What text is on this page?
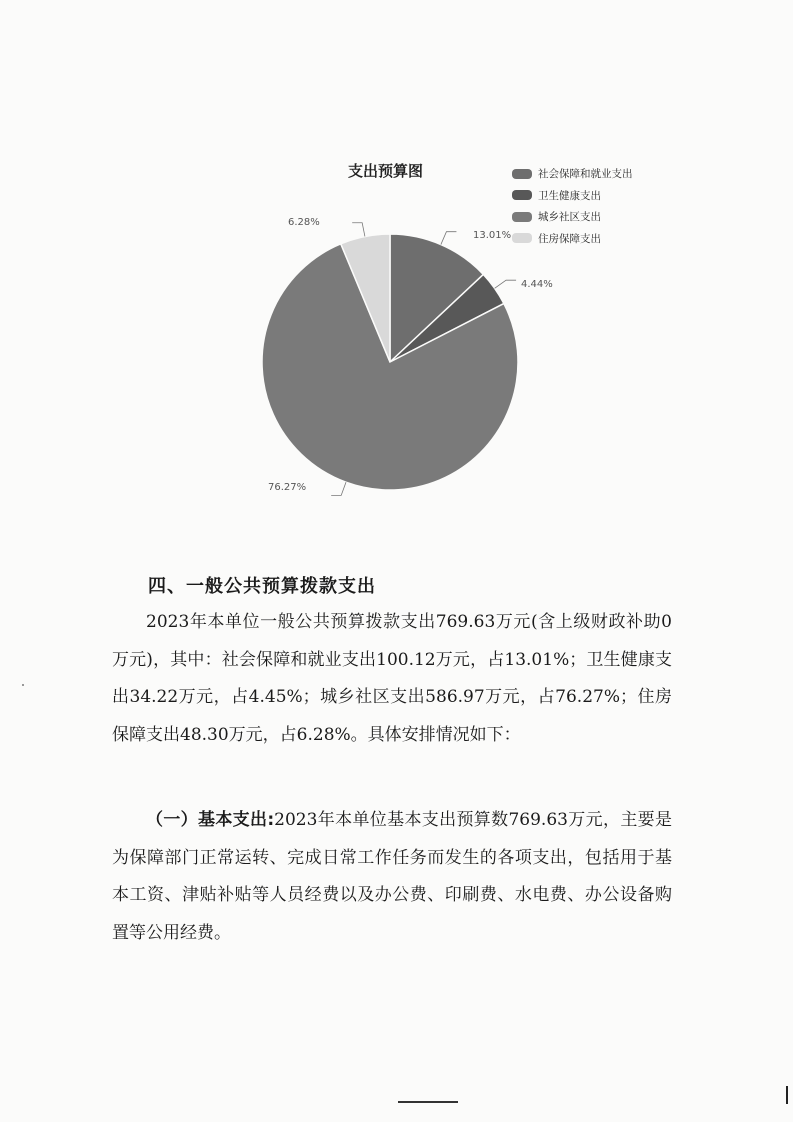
支出预算图	社会保障和就业支出
卫生健康支出
城乡社区支出
住房保障支出
13.01%
4.44%
76.27%
6.28%
四、一般公共预算拨款支出

2023年本单位一般公共预算拨款支出769.63万元(含上级财政补助0万元)，其中：社会保障和就业支出100.12万元，占13.01%；卫生健康支出34.22万元，占4.45%；城乡社区支出586.97万元，占76.27%；住房保障支出48.30万元，占6.28%。具体安排情况如下：

（一）基本支出:2023年本单位基本支出预算数769.63万元，主要是为保障部门正常运转、完成日常工作任务而发生的各项支出，包括用于基本工资、津贴补贴等人员经费以及办公费、印刷费、水电费、办公设备购置等公用经费。
